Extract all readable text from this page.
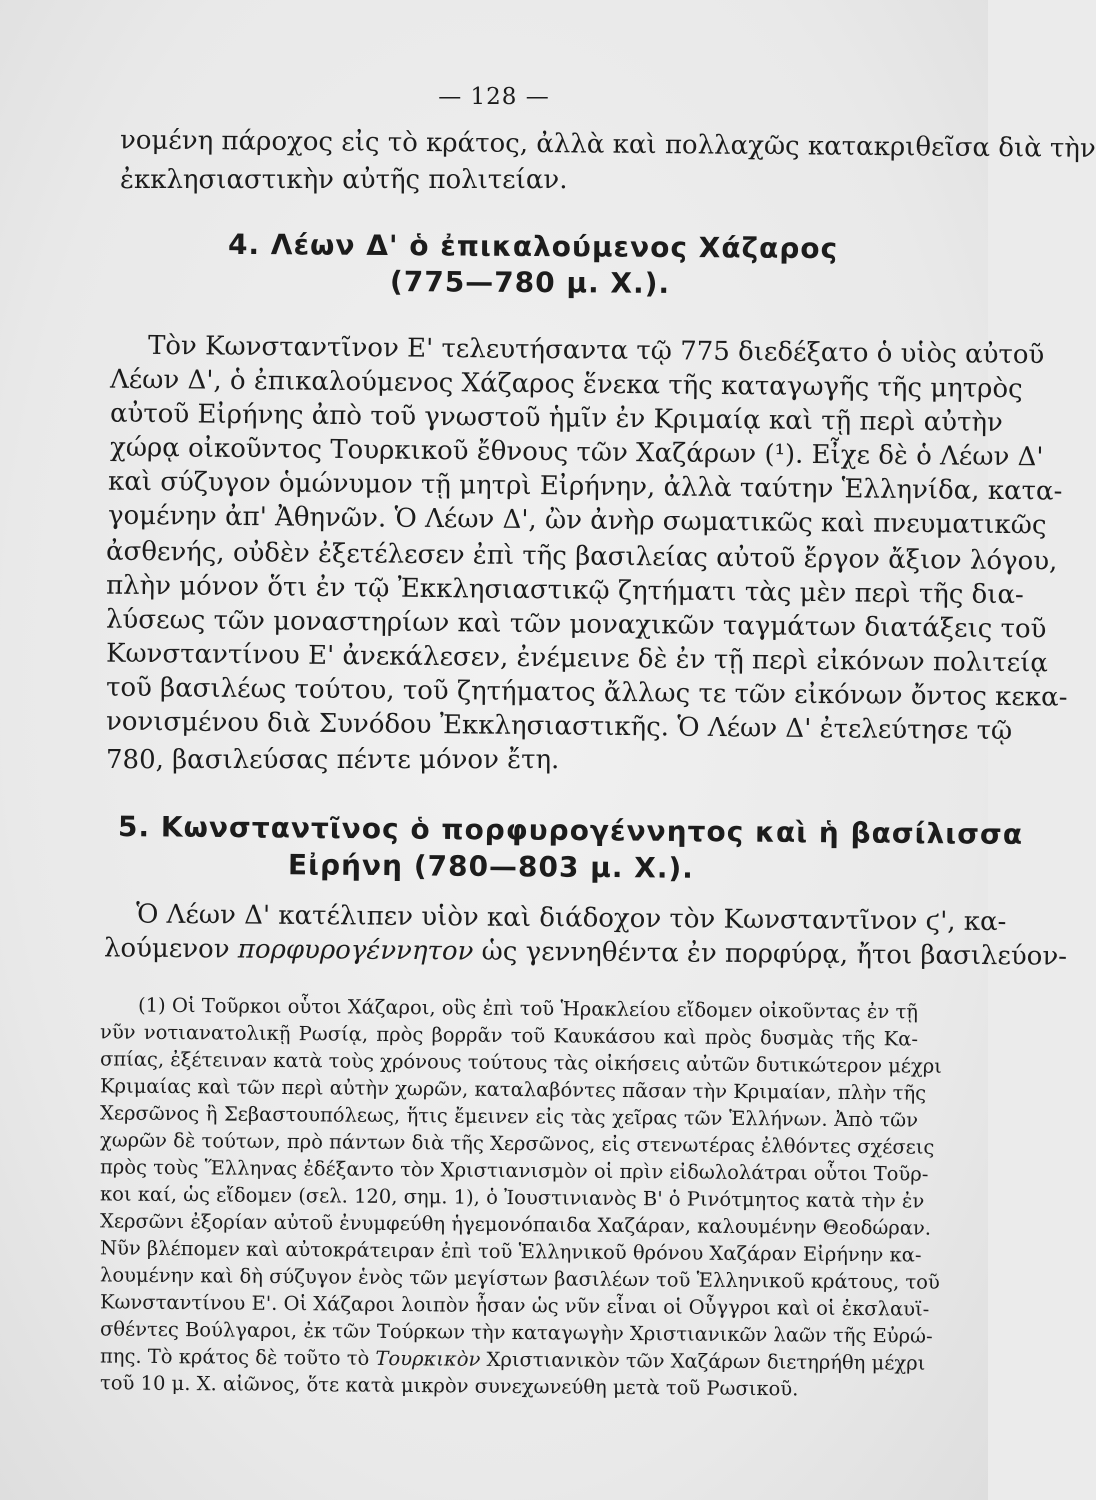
— 128 —
νομένη πάροχος εἰς τὸ κράτος, ἀλλὰ καὶ πολλαχῶς κατακριθεῖσα διὰ τὴν
ἐκκλησιαστικὴν αὐτῆς πολιτείαν.
4. Λέων Δ' ὁ ἐπικαλούμενος Χάζαρος
(775—780 μ. Χ.).
Τὸν Κωνσταντῖνον Ε' τελευτήσαντα τῷ 775 διεδέξατο ὁ υἱὸς αὐτοῦ
Λέων Δ', ὁ ἐπικαλούμενος Χάζαρος ἕνεκα τῆς καταγωγῆς τῆς μητρὸς
αὐτοῦ Εἰρήνης ἀπὸ τοῦ γνωστοῦ ἡμῖν ἐν Κριμαίᾳ καὶ τῇ περὶ αὐτὴν
χώρᾳ οἰκοῦντος Τουρκικοῦ ἔθνους τῶν Χαζάρων (¹). Εἶχε δὲ ὁ Λέων Δ'
καὶ σύζυγον ὁμώνυμον τῇ μητρὶ Εἰρήνην, ἀλλὰ ταύτην Ἑλληνίδα, κατα-
γομένην ἀπ' Ἀθηνῶν. Ὁ Λέων Δ', ὢν ἀνὴρ σωματικῶς καὶ πνευματικῶς
ἀσθενής, οὐδὲν ἐξετέλεσεν ἐπὶ τῆς βασιλείας αὐτοῦ ἔργον ἄξιον λόγου,
πλὴν μόνον ὅτι ἐν τῷ Ἐκκλησιαστικῷ ζητήματι τὰς μὲν περὶ τῆς δια-
λύσεως τῶν μοναστηρίων καὶ τῶν μοναχικῶν ταγμάτων διατάξεις τοῦ
Κωνσταντίνου Ε' ἀνεκάλεσεν, ἐνέμεινε δὲ ἐν τῇ περὶ εἰκόνων πολιτείᾳ
τοῦ βασιλέως τούτου, τοῦ ζητήματος ἄλλως τε τῶν εἰκόνων ὄντος κεκα-
νονισμένου διὰ Συνόδου Ἐκκλησιαστικῆς. Ὁ Λέων Δ' ἐτελεύτησε τῷ
780, βασιλεύσας πέντε μόνον ἔτη.
5. Κωνσταντῖνος ὁ πορφυρογέννητος καὶ ἡ βασίλισσα
Εἰρήνη (780—803 μ. Χ.).
Ὁ Λέων Δ' κατέλιπεν υἱὸν καὶ διάδοχον τὸν Κωνσταντῖνον ϛ', κα-
λούμενον πορφυρογέννητον ὡς γεννηθέντα ἐν πορφύρᾳ, ἤτοι βασιλεύον-
(1) Οἱ Τοῦρκοι οὗτοι Χάζαροι, οὓς ἐπὶ τοῦ Ἡρακλείου εἴδομεν οἰκοῦντας ἐν τῇ
νῦν νοτιανατολικῇ Ρωσίᾳ, πρὸς βορρᾶν τοῦ Καυκάσου καὶ πρὸς δυσμὰς τῆς Κα-
σπίας, ἐξέτειναν κατὰ τοὺς χρόνους τούτους τὰς οἰκήσεις αὐτῶν δυτικώτερον μέχρι
Κριμαίας καὶ τῶν περὶ αὐτὴν χωρῶν, καταλαβόντες πᾶσαν τὴν Κριμαίαν, πλὴν τῆς
Χερσῶνος ἢ Σεβαστουπόλεως, ἥτις ἔμεινεν εἰς τὰς χεῖρας τῶν Ἑλλήνων. Ἀπὸ τῶν
χωρῶν δὲ τούτων, πρὸ πάντων διὰ τῆς Χερσῶνος, εἰς στενωτέρας ἐλθόντες σχέσεις
πρὸς τοὺς Ἕλληνας ἐδέξαντο τὸν Χριστιανισμὸν οἱ πρὶν εἰδωλολάτραι οὗτοι Τοῦρ-
κοι καί, ὡς εἴδομεν (σελ. 120, σημ. 1), ὁ Ἰουστινιανὸς Β' ὁ Ρινότμητος κατὰ τὴν ἐν
Χερσῶνι ἐξορίαν αὐτοῦ ἐνυμφεύθη ἡγεμονόπαιδα Χαζάραν, καλουμένην Θεοδώραν.
Νῦν βλέπομεν καὶ αὐτοκράτειραν ἐπὶ τοῦ Ἑλληνικοῦ θρόνου Χαζάραν Εἰρήνην κα-
λουμένην καὶ δὴ σύζυγον ἑνὸς τῶν μεγίστων βασιλέων τοῦ Ἑλληνικοῦ κράτους, τοῦ
Κωνσταντίνου Ε'. Οἱ Χάζαροι λοιπὸν ἦσαν ὡς νῦν εἶναι οἱ Οὖγγροι καὶ οἱ ἐκσλαυϊ-
σθέντες Βούλγαροι, ἐκ τῶν Τούρκων τὴν καταγωγὴν Χριστιανικῶν λαῶν τῆς Εὐρώ-
πης. Τὸ κράτος δὲ τοῦτο τὸ Τουρκικὸν Χριστιανικὸν τῶν Χαζάρων διετηρήθη μέχρι
τοῦ 10 μ. Χ. αἰῶνος, ὅτε κατὰ μικρὸν συνεχωνεύθη μετὰ τοῦ Ρωσικοῦ.
